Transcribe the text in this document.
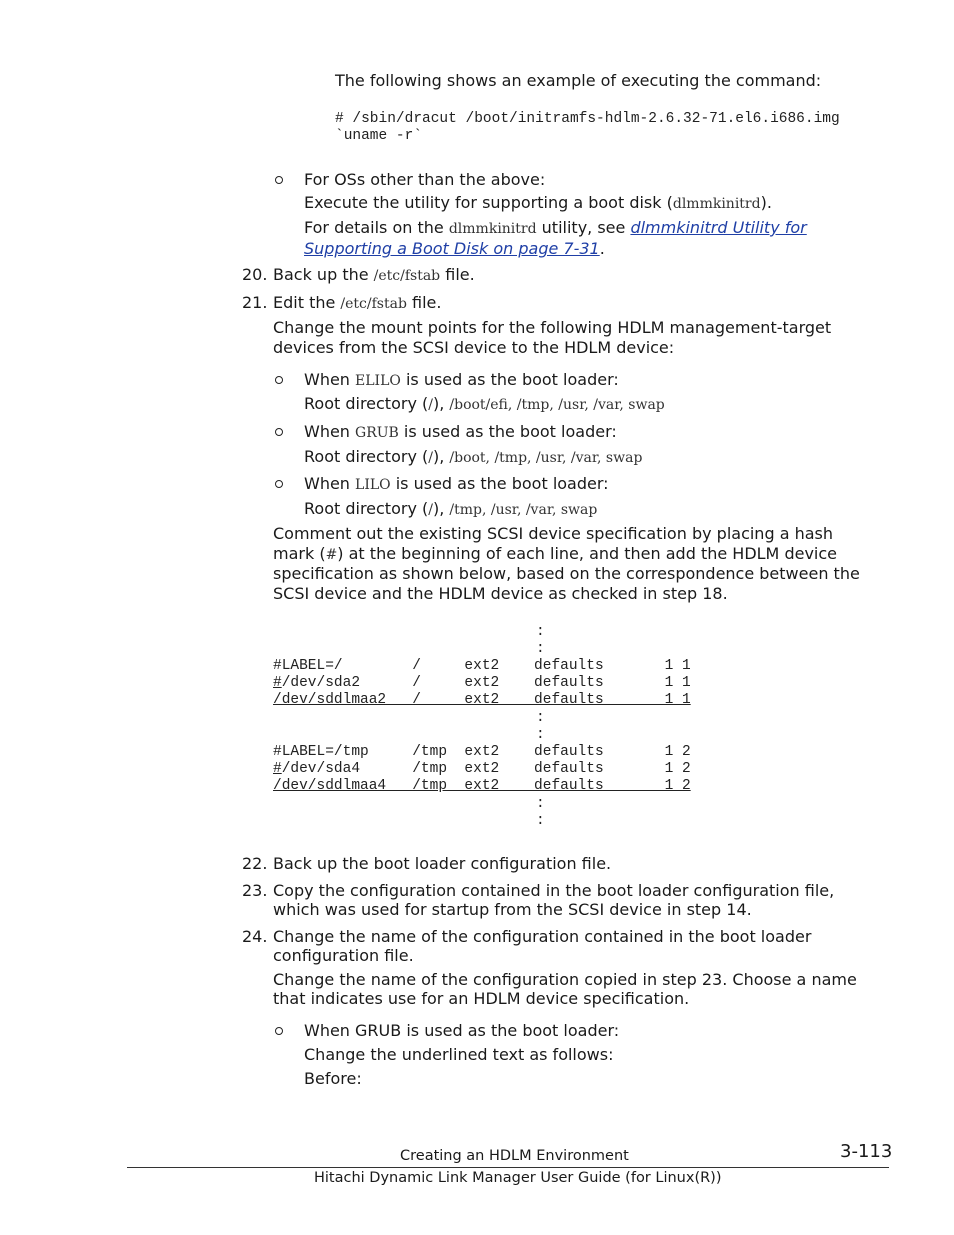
The following shows an example of executing the command:
# /sbin/dracut /boot/initramfs-hdlm-2.6.32-71.el6.i686.img
`uname -r`
For OSs other than the above:
Execute the utility for supporting a boot disk (dlmmkinitrd).
For details on the dlmmkinitrd utility, see dlmmkinitrd Utility for
Supporting a Boot Disk on page 7-31.
20. Back up the /etc/fstab file.
21. Edit the /etc/fstab file.
Change the mount points for the following HDLM management-target
devices from the SCSI device to the HDLM device:
When ELILO is used as the boot loader:
Root directory (/), /boot/efi, /tmp, /usr, /var, swap
When GRUB is used as the boot loader:
Root directory (/), /boot, /tmp, /usr, /var, swap
When LILO is used as the boot loader:
Root directory (/), /tmp, /usr, /var, swap
Comment out the existing SCSI device specification by placing a hash
mark (#) at the beginning of each line, and then add the HDLM device
specification as shown below, based on the correspondence between the
SCSI device and the HDLM device as checked in step 18.
:
:
#LABEL=/        /     ext2    defaults       1 1
#/dev/sda2      /     ext2    defaults       1 1
/dev/sddlmaa2   /     ext2    defaults       1 1
:
:
#LABEL=/tmp     /tmp  ext2    defaults       1 2
#/dev/sda4      /tmp  ext2    defaults       1 2
/dev/sddlmaa4   /tmp  ext2    defaults       1 2
:
:
22. Back up the boot loader configuration file.
23. Copy the configuration contained in the boot loader configuration file,
which was used for startup from the SCSI device in step 14.
24. Change the name of the configuration contained in the boot loader
configuration file.
Change the name of the configuration copied in step 23. Choose a name
that indicates use for an HDLM device specification.
When GRUB is used as the boot loader:
Change the underlined text as follows:
Before:
Creating an HDLM Environment	3-113
Hitachi Dynamic Link Manager User Guide (for Linux(R))
